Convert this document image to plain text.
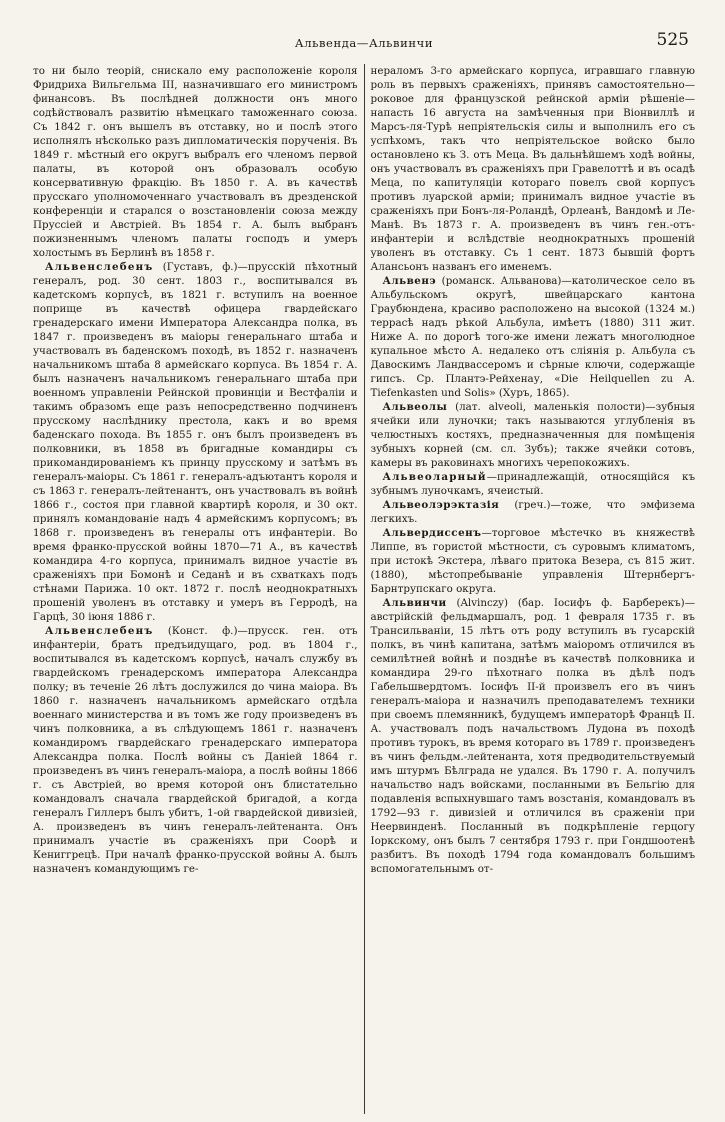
Альвенда—Альвинчи	525

то ни было теорій, снискало ему расположеніе короля Фридриха Вильгельма III, назначившаго его министромъ финансовъ. Въ послѣдней должности онъ много содѣйствовалъ развитію нѣмецкаго таможеннаго союза. Съ 1842 г. онъ вышелъ въ отставку, но и послѣ этого исполнялъ нѣсколько разъ дипломатическія порученія. Въ 1849 г. мѣстный его округъ выбралъ его членомъ первой палаты, въ которой онъ образовалъ особую консервативную фракцію. Въ 1850 г. А. въ качествѣ прусскаго уполномоченнаго участвовалъ въ дрезденской конференціи и старался о возстановленіи союза между Пруссіей и Австріей. Въ 1854 г. А. былъ выбранъ пожизненнымъ членомъ палаты господъ и умеръ холостымъ въ Берлинѣ въ 1858 г.

Альвенслебенъ (Густавъ, ф.)—прусскій пѣхотный генералъ, род. 30 сент. 1803 г., воспитывался въ кадетскомъ корпусѣ, въ 1821 г. вступилъ на военное поприще въ качествѣ офицера гвардейскаго гренадерскаго имени Императора Александра полка, въ 1847 г. произведенъ въ маіоры генеральнаго штаба и участвовалъ въ баденскомъ походѣ, въ 1852 г. назначенъ начальникомъ штаба 8 армейскаго корпуса. Въ 1854 г. А. былъ назначенъ начальникомъ генеральнаго штаба при военномъ управленіи Рейнской провинціи и Вестфаліи и такимъ образомъ еще разъ непосредственно подчиненъ прусскому наслѣднику престола, какъ и во время баденскаго похода. Въ 1855 г. онъ былъ произведенъ въ полковники, въ 1858 въ бригадные командиры съ прикомандированіемъ къ принцу прусскому и затѣмъ въ генералъ-маіоры. Съ 1861 г. генералъ-адъютантъ короля и съ 1863 г. генералъ-лейтенантъ, онъ участвовалъ въ войнѣ 1866 г., состоя при главной квартирѣ короля, и 30 окт. принялъ командованіе надъ 4 армейскимъ корпусомъ; въ 1868 г. произведенъ въ генералы отъ инфантеріи. Во время франко-прусской войны 1870—71 А., въ качествѣ командира 4-го корпуса, принималъ видное участіе въ сраженіяхъ при Бомонѣ и Седанѣ и въ схваткахъ подъ стѣнами Парижа. 10 окт. 1872 г. послѣ неоднократныхъ прошеній уволенъ въ отставку и умеръ въ Герродѣ, на Гарцѣ, 30 іюня 1886 г.

Альвенслебенъ (Конст. ф.)—прусск. ген. отъ инфантеріи, братъ предъидущаго, род. въ 1804 г., воспитывался въ кадетскомъ корпусѣ, началъ службу въ гвардейскомъ гренадерскомъ императора Александра полку; въ теченіе 26 лѣтъ дослужился до чина маіора. Въ 1860 г. назначенъ начальникомъ армейскаго отдѣла военнаго министерства и въ томъ же году произведенъ въ чинъ полковника, а въ слѣдующемъ 1861 г. назначенъ командиромъ гвардейскаго гренадерскаго императора Александра полка. Послѣ войны съ Даніей 1864 г. произведенъ въ чинъ генералъ-маіора, а послѣ войны 1866 г. съ Австріей, во время которой онъ блистательно командовалъ сначала гвардейской бригадой, а когда генералъ Гиллеръ былъ убитъ, 1-ой гвардейской дивизіей, А. произведенъ въ чинъ генералъ-лейтенанта. Онъ принималъ участіе въ сраженіяхъ при Соорѣ и Кениггрецѣ. При началѣ франко-прусской войны А. былъ назначенъ командующимъ ге-

нераломъ 3-го армейскаго корпуса, игравшаго главную роль въ первыхъ сраженіяхъ, принявъ самостоятельно—роковое для французской рейнской арміи рѣшеніе—напасть 16 августа на замѣченныя при Віонвиллѣ и Марсъ-ля-Турѣ непріятельскія силы и выполнилъ его съ успѣхомъ, такъ что непріятельское войско было остановлено къ З. отъ Меца. Въ дальнѣйшемъ ходѣ войны, онъ участвовалъ въ сраженіяхъ при Гравелоттѣ и въ осадѣ Меца, по капитуляціи котораго повелъ свой корпусъ противъ луарской арміи; принималъ видное участіе въ сраженіяхъ при Бонъ-ля-Роландѣ, Орлеанѣ, Вандомѣ и Ле-Манѣ. Въ 1873 г. А. произведенъ въ чинъ ген.-отъ-инфантеріи и вслѣдствіе неоднократныхъ прошеній уволенъ въ отставку. Съ 1 сент. 1873 бывшій фортъ Алансьонъ названъ его именемъ.

Альвенэ (романск. Альванова)—католическое село въ Альбульскомъ округѣ, швейцарскаго кантона Граубюндена, красиво расположено на высокой (1324 м.) террасѣ надъ рѣкой Альбула, имѣетъ (1880) 311 жит. Ниже А. по дорогѣ того-же имени лежатъ многолюдное купальное мѣсто А. недалеко отъ сліянія р. Альбула съ Давоскимъ Ландвассеромъ и сѣрные ключи, содержащіе гипсъ. Ср. Плантэ-Рейхенау, «Die Heilquellen zu A. Tiefenkasten und Solis» (Хуръ, 1865).

Альвеолы (лат. alveoli, маленькія полости)—зубныя ячейки или луночки; такъ называются углубленія въ челюстныхъ костяхъ, предназначенныя для помѣщенія зубныхъ корней (см. сл. Зубъ); также ячейки сотовъ, камеры въ раковинахъ многихъ черепокожихъ.

Альвеоларный—принадлежащій, относящійся къ зубнымъ луночкамъ, ячеистый.

Альвеолэрэктазія (греч.)—тоже, что эмфизема легкихъ.

Альвердиссенъ—торговое мѣстечко въ княжествѣ Липпе, въ гористой мѣстности, съ суровымъ климатомъ, при истокѣ Экстера, лѣваго притока Везера, съ 815 жит. (1880), мѣстопребываніе управленія Штернбергъ-Барнтрупскаго округа.

Альвинчи (Alvinczy) (бар. Іосифъ ф. Барберекъ)—австрійскій фельдмаршалъ, род. 1 февраля 1735 г. въ Трансильваніи, 15 лѣтъ отъ роду вступилъ въ гусарскій полкъ, въ чинѣ капитана, затѣмъ маіоромъ отличился въ семилѣтней войнѣ и позднѣе въ качествѣ полковника и командира 29-го пѣхотнаго полка въ дѣлѣ подъ Габельшвердтомъ. Іосифъ II-й произвелъ его въ чинъ генералъ-маіора и назначилъ преподавателемъ техники при своемъ племянникѣ, будущемъ императорѣ Францѣ II. А. участвовалъ подъ начальствомъ Лудона въ походѣ противъ турокъ, въ время котораго въ 1789 г. произведенъ въ чинъ фельдм.-лейтенанта, хотя предводительствуемый имъ штурмъ Бѣлграда не удался. Въ 1790 г. А. получилъ начальство надъ войсками, посланными въ Бельгію для подавленія вспыхнувшаго тамъ возстанія, командовалъ въ 1792—93 г. дивизіей и отличился въ сраженіи при Неервинденѣ. Посланный въ подкрѣпленіе герцогу Іоркскому, онъ былъ 7 сентября 1793 г. при Гондшоотенѣ разбитъ. Въ походѣ 1794 года командовалъ большимъ вспомогательнымъ от-
